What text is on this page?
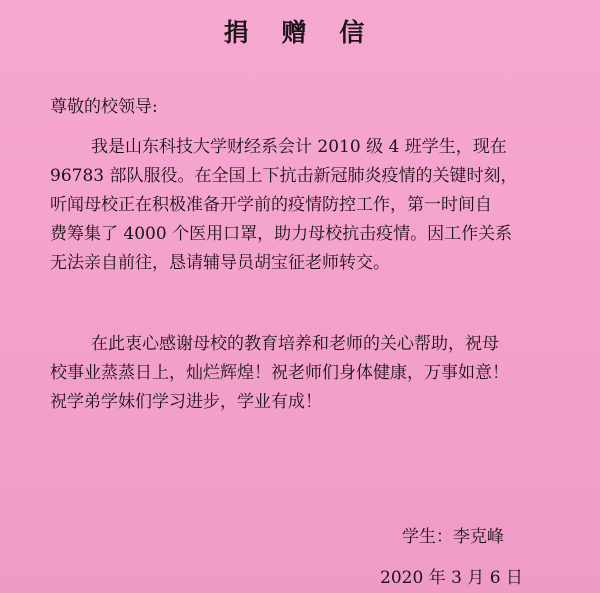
捐 赠 信
尊敬的校领导:
我是山东科技大学财经系会计 2010 级 4 班学生，现在
96783 部队服役。在全国上下抗击新冠肺炎疫情的关键时刻，
听闻母校正在积极准备开学前的疫情防控工作，第一时间自
费筹集了 4000 个医用口罩，助力母校抗击疫情。因工作关系
无法亲自前往，恳请辅导员胡宝征老师转交。
在此衷心感谢母校的教育培养和老师的关心帮助，祝母
校事业蒸蒸日上，灿烂辉煌！祝老师们身体健康，万事如意！
祝学弟学妹们学习进步，学业有成！
学生：李克峰
2020 年 3 月 6 日
